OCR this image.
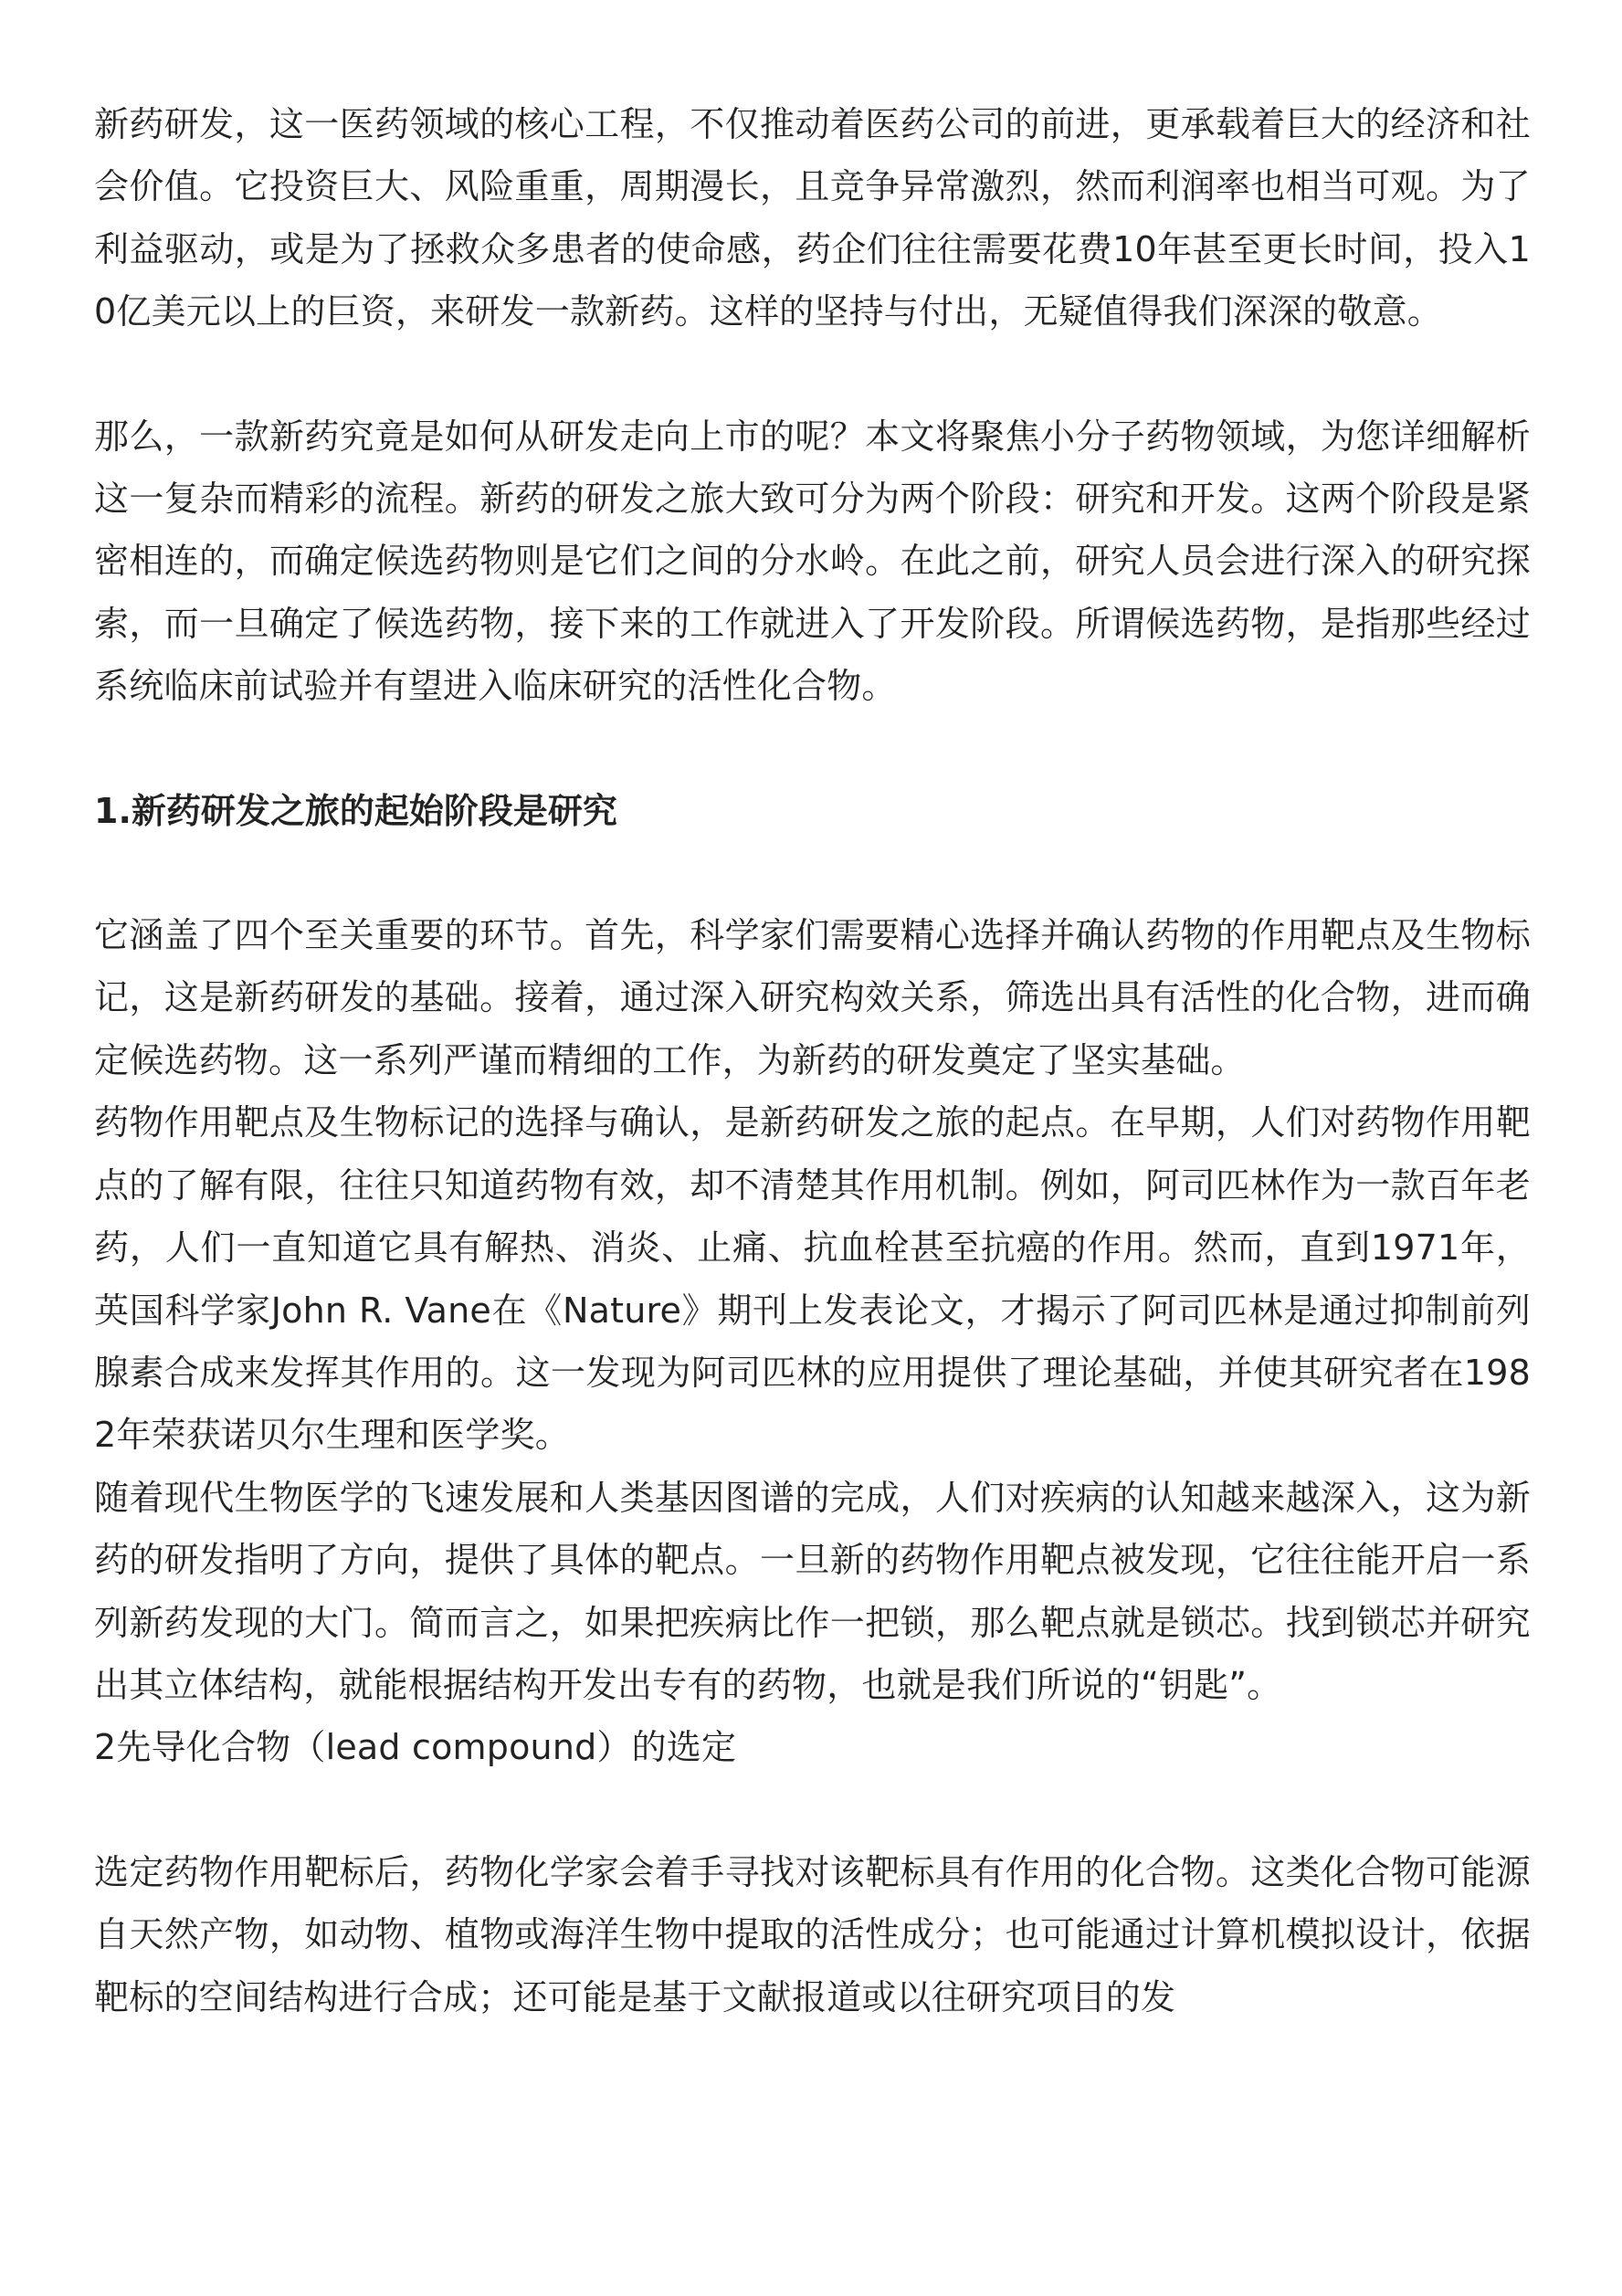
新药研发，这一医药领域的核心工程，不仅推动着医药公司的前进，更承载着巨大的经济和社会价值。它投资巨大、风险重重，周期漫长，且竞争异常激烈，然而利润率也相当可观。为了利益驱动，或是为了拯救众多患者的使命感，药企们往往需要花费10年甚至更长时间，投入10亿美元以上的巨资，来研发一款新药。这样的坚持与付出，无疑值得我们深深的敬意。

那么，一款新药究竟是如何从研发走向上市的呢？本文将聚焦小分子药物领域，为您详细解析这一复杂而精彩的流程。新药的研发之旅大致可分为两个阶段：研究和开发。这两个阶段是紧密相连的，而确定候选药物则是它们之间的分水岭。在此之前，研究人员会进行深入的研究探索，而一旦确定了候选药物，接下来的工作就进入了开发阶段。所谓候选药物，是指那些经过系统临床前试验并有望进入临床研究的活性化合物。

1.新药研发之旅的起始阶段是研究

它涵盖了四个至关重要的环节。首先，科学家们需要精心选择并确认药物的作用靶点及生物标记，这是新药研发的基础。接着，通过深入研究构效关系，筛选出具有活性的化合物，进而确定候选药物。这一系列严谨而精细的工作，为新药的研发奠定了坚实基础。

药物作用靶点及生物标记的选择与确认，是新药研发之旅的起点。在早期，人们对药物作用靶点的了解有限，往往只知道药物有效，却不清楚其作用机制。例如，阿司匹林作为一款百年老药，人们一直知道它具有解热、消炎、止痛、抗血栓甚至抗癌的作用。然而，直到1971年，英国科学家John R. Vane在《Nature》期刊上发表论文，才揭示了阿司匹林是通过抑制前列腺素合成来发挥其作用的。这一发现为阿司匹林的应用提供了理论基础，并使其研究者在1982年荣获诺贝尔生理和医学奖。

随着现代生物医学的飞速发展和人类基因图谱的完成，人们对疾病的认知越来越深入，这为新药的研发指明了方向，提供了具体的靶点。一旦新的药物作用靶点被发现，它往往能开启一系列新药发现的大门。简而言之，如果把疾病比作一把锁，那么靶点就是锁芯。找到锁芯并研究出其立体结构，就能根据结构开发出专有的药物，也就是我们所说的“钥匙”。

2先导化合物（lead compound）的选定

选定药物作用靶标后，药物化学家会着手寻找对该靶标具有作用的化合物。这类化合物可能源自天然产物，如动物、植物或海洋生物中提取的活性成分；也可能通过计算机模拟设计，依据靶标的空间结构进行合成；还可能是基于文献报道或以往研究项目的发
